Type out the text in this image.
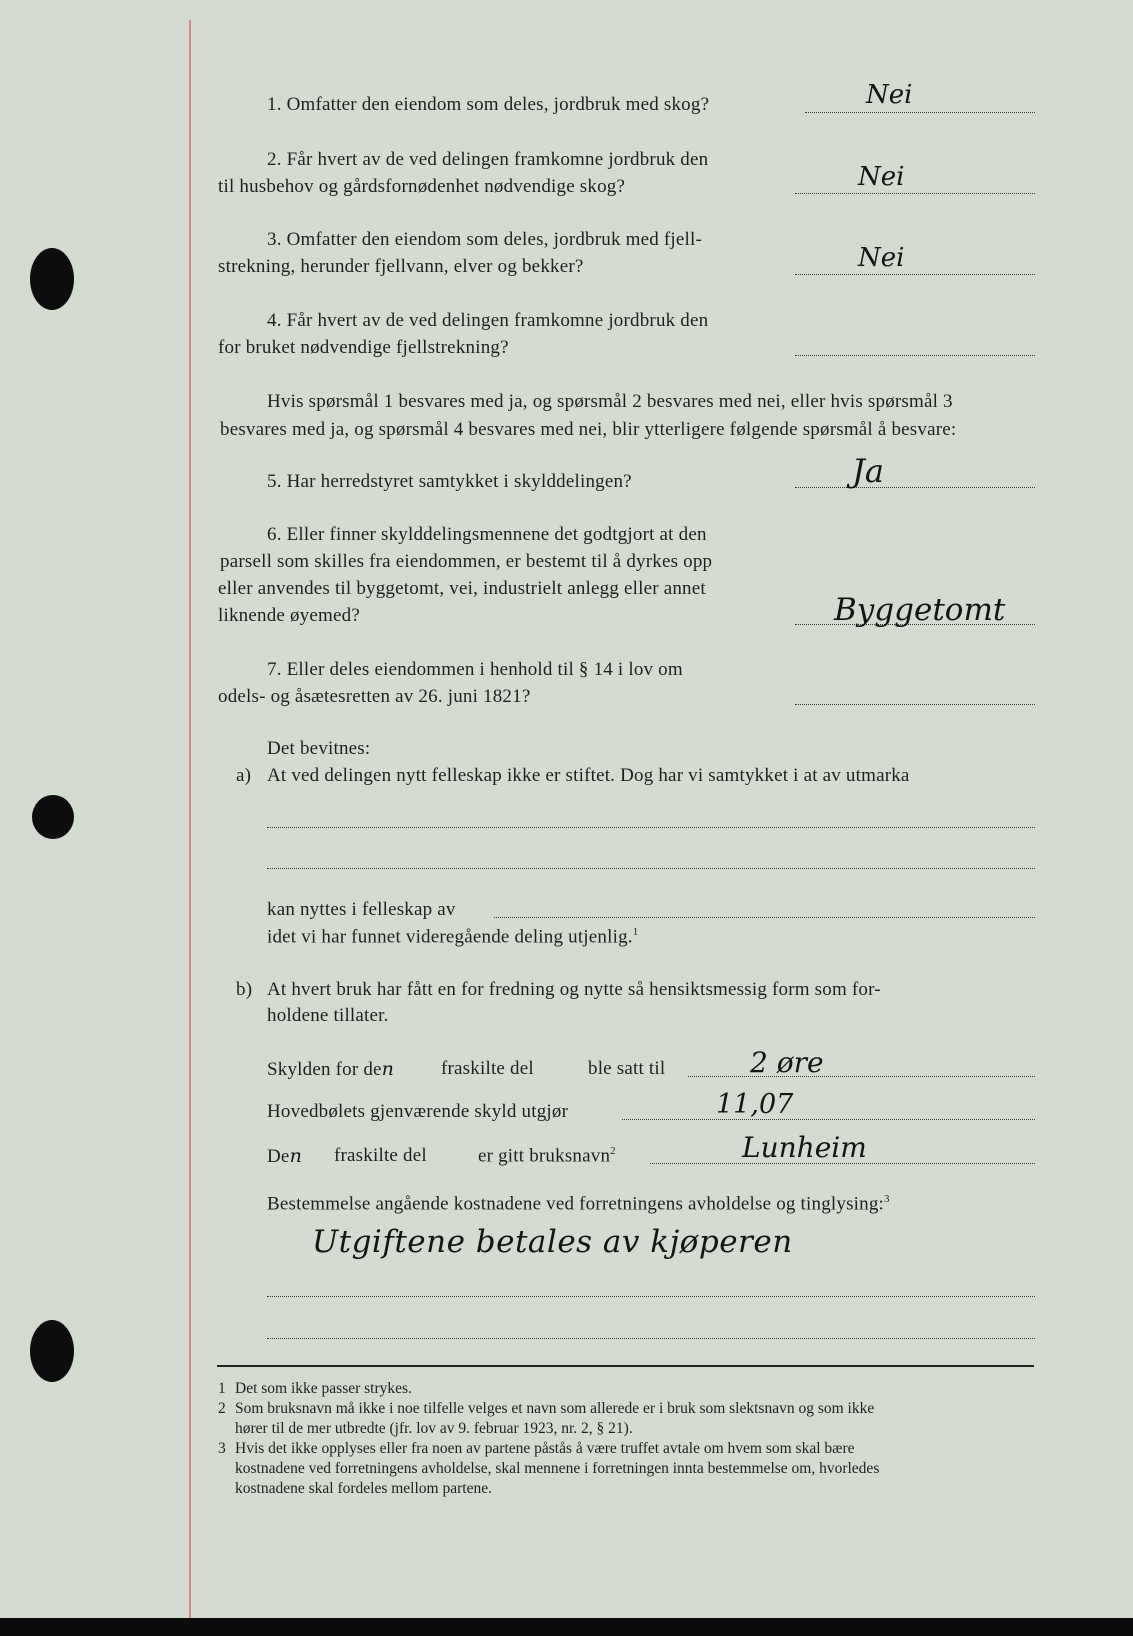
1. Omfatter den eiendom som deles, jordbruk med skog?	Nei
2. Får hvert av de ved delingen framkomne jordbruk den
til husbehov og gårdsfornødenhet nødvendige skog?	Nei
3. Omfatter den eiendom som deles, jordbruk med fjell-
strekning, herunder fjellvann, elver og bekker?	Nei
4. Får hvert av de ved delingen framkomne jordbruk den
for bruket nødvendige fjellstrekning?
Hvis spørsmål 1 besvares med ja, og spørsmål 2 besvares med nei, eller hvis spørsmål 3
besvares med ja, og spørsmål 4 besvares med nei, blir ytterligere følgende spørsmål å besvare:
5. Har herredstyret samtykket i skylddelingen?	Ja
6. Eller finner skylddelingsmennene det godtgjort at den
parsell som skilles fra eiendommen, er bestemt til å dyrkes opp
eller anvendes til byggetomt, vei, industrielt anlegg eller annet
liknende øyemed?	Byggetomt
7. Eller deles eiendommen i henhold til § 14 i lov om
odels- og åsætesretten av 26. juni 1821?
Det bevitnes:
a) At ved delingen nytt felleskap ikke er stiftet. Dog har vi samtykket i at av utmarka
kan nyttes i felleskap av
idet vi har funnet videregående deling utjenlig.$^1$
b) At hvert bruk har fått en for fredning og nytte så hensiktsmessig form som for-
holdene tillater.
Skylden for den fraskilte del	ble satt til	2 øre
Hovedbølets gjenværende skyld utgjør	11,07
Den fraskilte del	er gitt bruksnavn$^2$	Lunheim
Bestemmelse angående kostnadene ved forretningens avholdelse og tinglysing:$^3$
Utgiftene betales av kjøperen
1 Det som ikke passer strykes.
2 Som bruksnavn må ikke i noe tilfelle velges et navn som allerede er i bruk som slektsnavn og som ikke
hører til de mer utbredte (jfr. lov av 9. februar 1923, nr. 2, § 21).
3 Hvis det ikke opplyses eller fra noen av partene påstås å være truffet avtale om hvem som skal bære
kostnadene ved forretningens avholdelse, skal mennene i forretningen innta bestemmelse om, hvorledes
kostnadene skal fordeles mellom partene.
